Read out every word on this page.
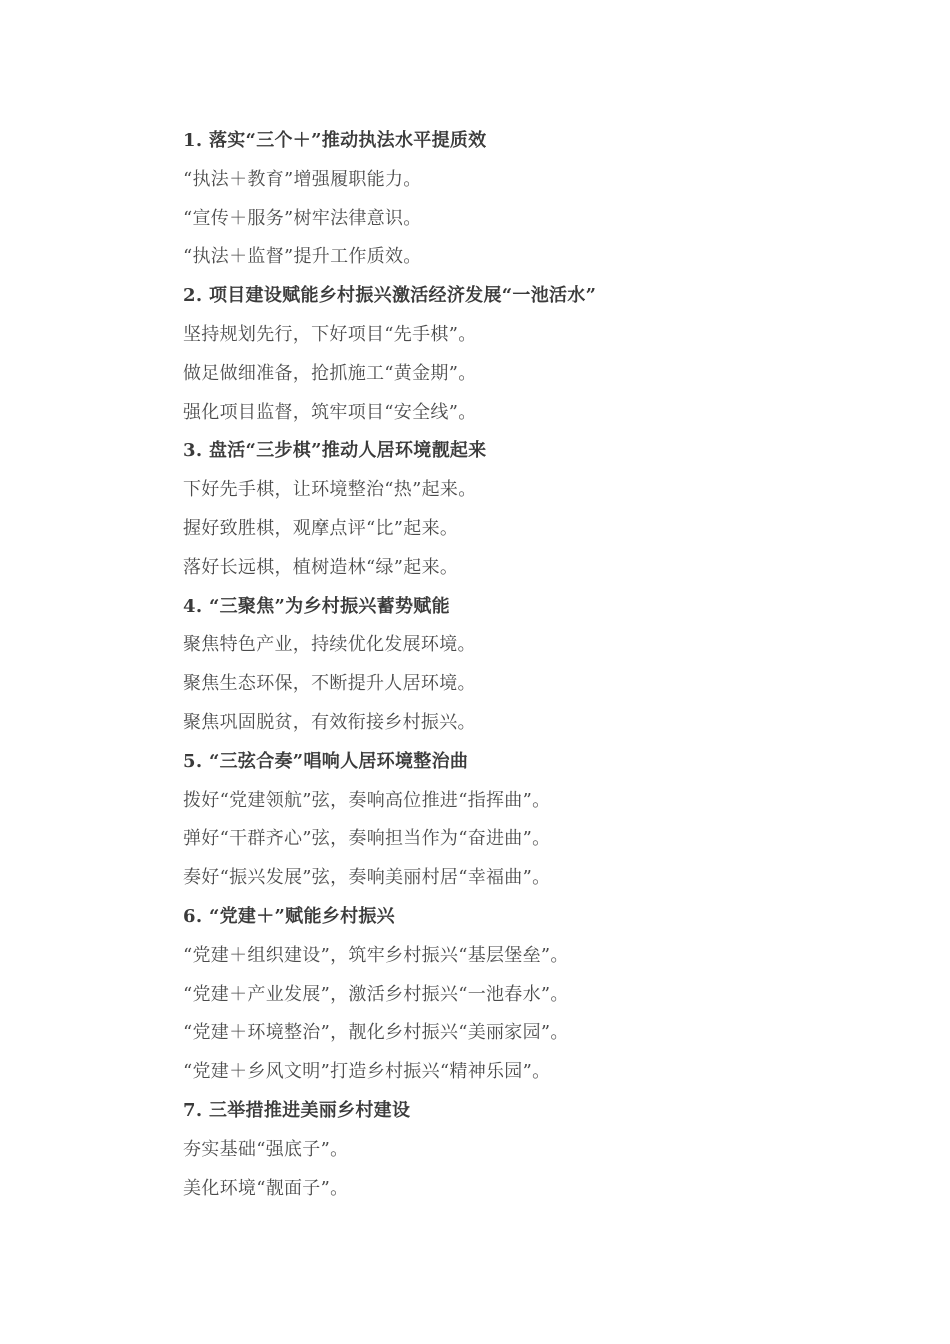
1. 落实“三个＋”推动执法水平提质效
“执法＋教育”增强履职能力。
“宣传＋服务”树牢法律意识。
“执法＋监督”提升工作质效。
2. 项目建设赋能乡村振兴激活经济发展“一池活水”
坚持规划先行，下好项目“先手棋”。
做足做细准备，抢抓施工“黄金期”。
强化项目监督，筑牢项目“安全线”。
3. 盘活“三步棋”推动人居环境靓起来
下好先手棋，让环境整治“热”起来。
握好致胜棋，观摩点评“比”起来。
落好长远棋，植树造林“绿”起来。
4. “三聚焦”为乡村振兴蓄势赋能
聚焦特色产业，持续优化发展环境。
聚焦生态环保，不断提升人居环境。
聚焦巩固脱贫，有效衔接乡村振兴。
5. “三弦合奏”唱响人居环境整治曲
拨好“党建领航”弦，奏响高位推进“指挥曲”。
弹好“干群齐心”弦，奏响担当作为“奋进曲”。
奏好“振兴发展”弦，奏响美丽村居“幸福曲”。
6. “党建＋”赋能乡村振兴
“党建＋组织建设”，筑牢乡村振兴“基层堡垒”。
“党建＋产业发展”，激活乡村振兴“一池春水”。
“党建＋环境整治”，靓化乡村振兴“美丽家园”。
“党建＋乡风文明”打造乡村振兴“精神乐园”。
7. 三举措推进美丽乡村建设
夯实基础“强底子”。
美化环境“靓面子”。
